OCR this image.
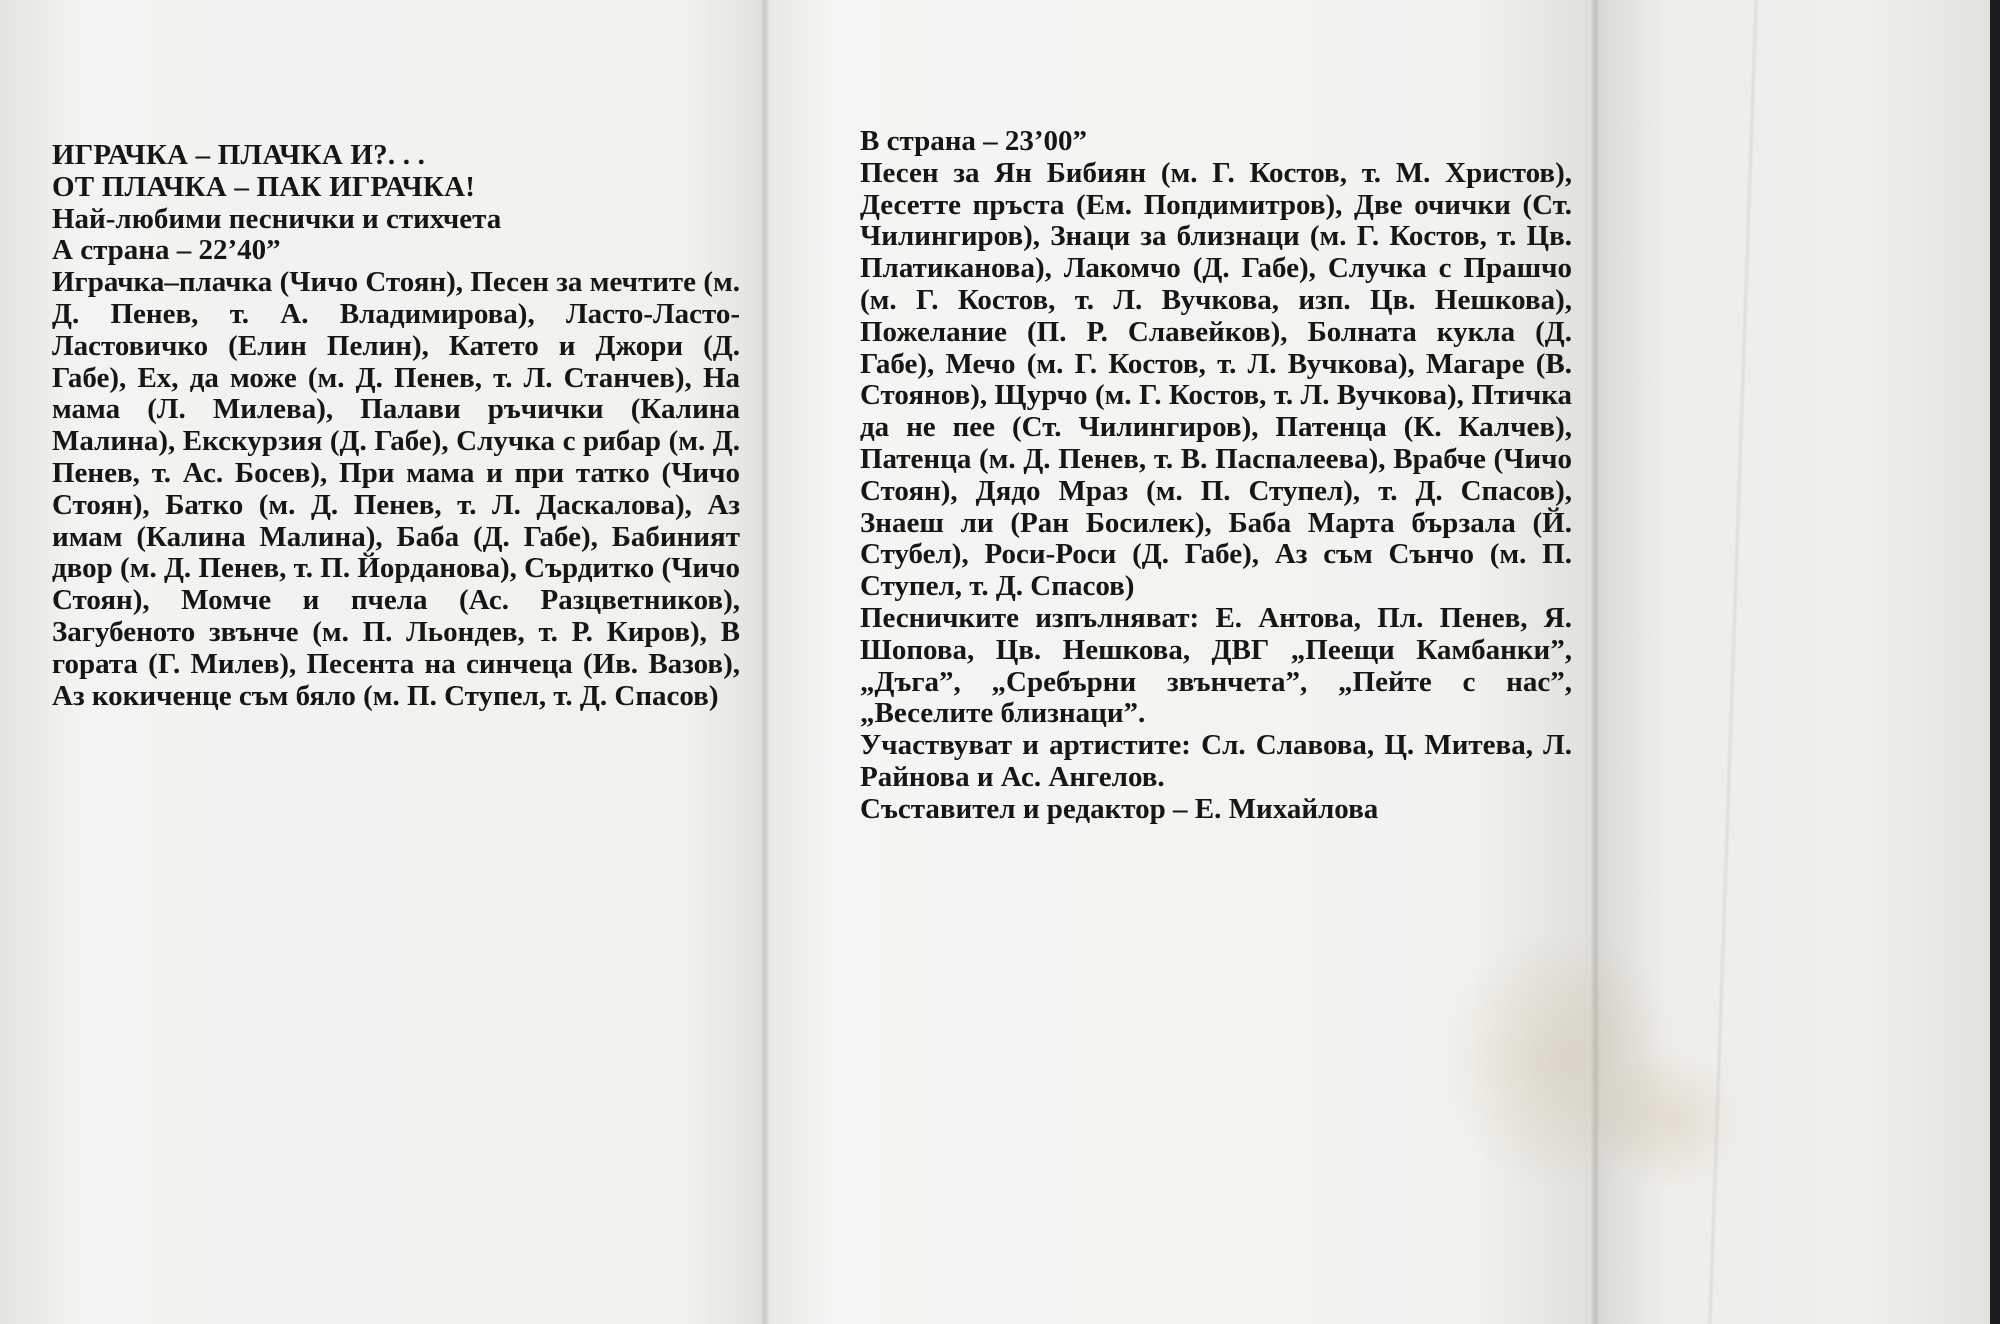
ИГРАЧКА – ПЛАЧКА И?. . .

ОТ ПЛАЧКА – ПАК ИГРАЧКА!

Най-любими песнички и стихчета

А страна – 22’40”

Играчка–плачка (Чичо Стоян), Песен за мечтите (м. Д. Пенев, т. А. Владимирова), Ласто-Ласто-Ластовичко (Елин Пелин), Катето и Джори (Д. Габе), Ех, да може (м. Д. Пенев, т. Л. Станчев), На мама (Л. Милева), Палави ръчички (Калина Малина), Екскурзия (Д. Габе), Случка с рибар (м. Д. Пенев, т. Ас. Босев), При мама и при таткo (Чичо Стоян), Батко (м. Д. Пенев, т. Л. Даскалова), Аз имам (Калина Малина), Баба (Д. Габе), Бабиният двор (м. Д. Пенев, т. П. Йорданова), Сърдитко (Чичо Стоян), Момче и пчела (Ас. Разцветников), Загубеното звънче (м. П. Льондев, т. Р. Киров), В гората (Г. Милев), Песента на синчеца (Ив. Вазов), Аз кокиченце съм бяло (м. П. Ступел, т. Д. Спасов)

В страна – 23’00”

Песен за Ян Бибиян (м. Г. Костов, т. М. Христов), Десетте пръста (Ем. Попдимитров), Две очички (Ст. Чилингиров), Знаци за близнаци (м. Г. Костов, т. Цв. Платиканова), Лакомчо (Д. Габе), Случка с Прашчо (м. Г. Костов, т. Л. Вучкова, изп. Цв. Нешкова), Пожелание (П. Р. Славейков), Болната кукла (Д. Габе), Мечо (м. Г. Костов, т. Л. Вучкова), Магаре (В. Стоянов), Щурчо (м. Г. Костов, т. Л. Вучкова), Птичка да не пее (Ст. Чилингиров), Патенца (К. Калчев), Патенца (м. Д. Пенев, т. В. Паспалеева), Врабче (Чичо Стоян), Дядо Мраз (м. П. Ступел), т. Д. Спасов), Знаеш ли (Ран Босилек), Баба Марта бързала (Й. Стубел), Роси-Роси (Д. Габе), Аз съм Сънчо (м. П. Ступел, т. Д. Спасов)

Песничките изпълняват: Е. Антова, Пл. Пенев, Я. Шопова, Цв. Нешкова, ДВГ „Пеещи Камбанки”, „Дъга”, „Сребърни звънчета”, „Пейте с нас”, „Веселите близнаци”.

Участвуват и артистите: Сл. Славова, Ц. Митева, Л. Райнова и Ас. Ангелов.

Съставител и редактор – Е. Михайлова
